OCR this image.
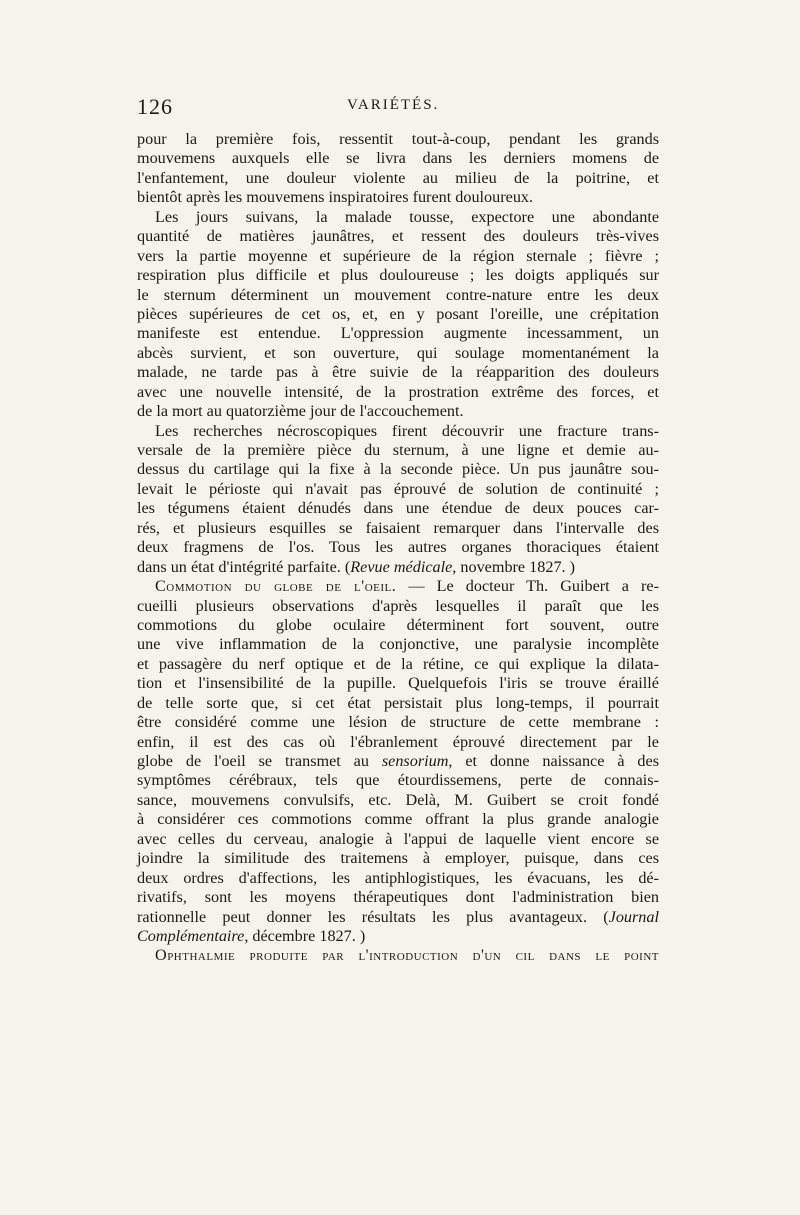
126	VARIÉTÉS.
pour la première fois, ressentit tout-à-coup, pendant les grands
mouvemens auxquels elle se livra dans les derniers momens de
l'enfantement, une douleur violente au milieu de la poitrine, et
bientôt après les mouvemens inspiratoires furent douloureux.
Les jours suivans, la malade tousse, expectore une abondante
quantité de matières jaunâtres, et ressent des douleurs très-vives
vers la partie moyenne et supérieure de la région sternale ; fièvre ;
respiration plus difficile et plus douloureuse ; les doigts appliqués sur
le sternum déterminent un mouvement contre-nature entre les deux
pièces supérieures de cet os, et, en y posant l'oreille, une crépitation
manifeste est entendue. L'oppression augmente incessamment, un
abcès survient, et son ouverture, qui soulage momentanément la
malade, ne tarde pas à être suivie de la réapparition des douleurs
avec une nouvelle intensité, de la prostration extrême des forces, et
de la mort au quatorzième jour de l'accouchement.
Les recherches nécroscopiques firent découvrir une fracture trans-
versale de la première pièce du sternum, à une ligne et demie au-
dessus du cartilage qui la fixe à la seconde pièce. Un pus jaunâtre sou-
levait le périoste qui n'avait pas éprouvé de solution de continuité ;
les tégumens étaient dénudés dans une étendue de deux pouces car-
rés, et plusieurs esquilles se faisaient remarquer dans l'intervalle des
deux fragmens de l'os. Tous les autres organes thoraciques étaient
dans un état d'intégrité parfaite. (Revue médicale, novembre 1827. )
Commotion du globe de l'oeil. — Le docteur Th. Guibert a re-
cueilli plusieurs observations d'après lesquelles il paraît que les
commotions du globe oculaire déterminent fort souvent, outre
une vive inflammation de la conjonctive, une paralysie incomplète
et passagère du nerf optique et de la rétine, ce qui explique la dilata-
tion et l'insensibilité de la pupille. Quelquefois l'iris se trouve éraillé
de telle sorte que, si cet état persistait plus long-temps, il pourrait
être considéré comme une lésion de structure de cette membrane :
enfin, il est des cas où l'ébranlement éprouvé directement par le
globe de l'oeil se transmet au sensorium, et donne naissance à des
symptômes cérébraux, tels que étourdissemens, perte de connais-
sance, mouvemens convulsifs, etc. Delà, M. Guibert se croit fondé
à considérer ces commotions comme offrant la plus grande analogie
avec celles du cerveau, analogie à l'appui de laquelle vient encore se
joindre la similitude des traitemens à employer, puisque, dans ces
deux ordres d'affections, les antiphlogistiques, les évacuans, les dé-
rivatifs, sont les moyens thérapeutiques dont l'administration bien
rationnelle peut donner les résultats les plus avantageux. (Journal
Complémentaire, décembre 1827. )
Ophthalmie produite par l'introduction d'un cil dans le point
